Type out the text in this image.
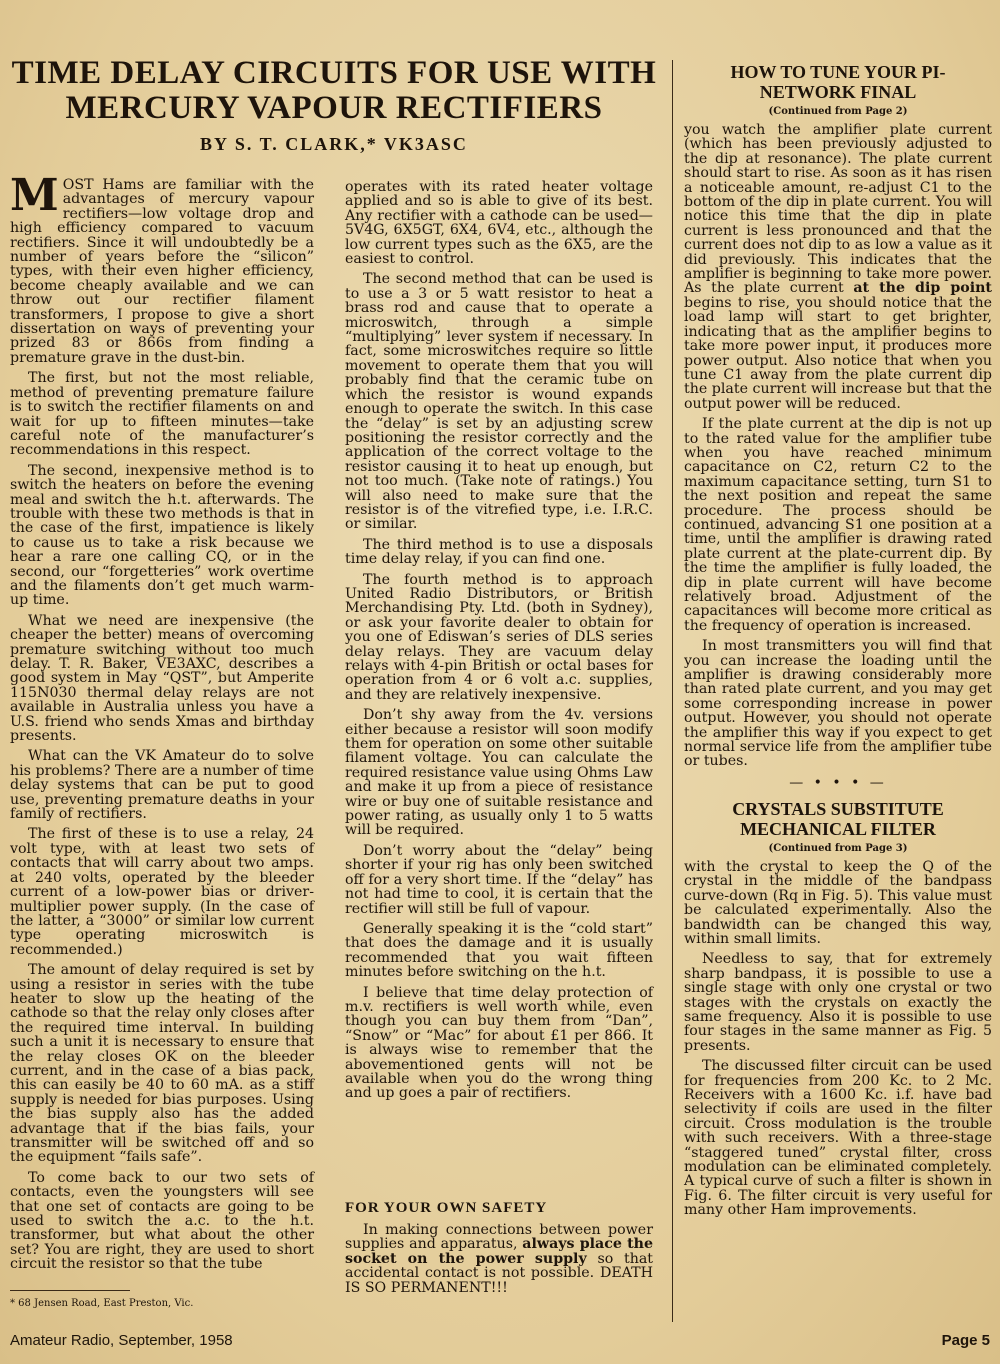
TIME DELAY CIRCUITS FOR USE WITH MERCURY VAPOUR RECTIFIERS
BY S. T. CLARK,* VK3ASC

MOST Hams are familiar with the advantages of mercury vapour rectifiers—low voltage drop and high efficiency compared to vacuum rectifiers. Since it will undoubtedly be a number of years before the “silicon” types, with their even higher efficiency, become cheaply available and we can throw out our rectifier filament transformers, I propose to give a short dissertation on ways of preventing your prized 83 or 866s from finding a premature grave in the dust-bin.

The first, but not the most reliable, method of preventing premature failure is to switch the rectifier filaments on and wait for up to fifteen minutes—take careful note of the manufacturer’s recommendations in this respect.

The second, inexpensive method is to switch the heaters on before the evening meal and switch the h.t. afterwards. The trouble with these two methods is that in the case of the first, impatience is likely to cause us to take a risk because we hear a rare one calling CQ, or in the second, our “forgetteries” work overtime and the filaments don’t get much warm-up time.

What we need are inexpensive (the cheaper the better) means of overcoming premature switching without too much delay. T. R. Baker, VE3AXC, describes a good system in May “QST”, but Amperite 115N030 thermal delay relays are not available in Australia unless you have a U.S. friend who sends Xmas and birthday presents.

What can the VK Amateur do to solve his problems? There are a number of time delay systems that can be put to good use, preventing premature deaths in your family of rectifiers.

The first of these is to use a relay, 24 volt type, with at least two sets of contacts that will carry about two amps. at 240 volts, operated by the bleeder current of a low-power bias or driver-multiplier power supply. (In the case of the latter, a “3000” or similar low current type operating microswitch is recommended.)

The amount of delay required is set by using a resistor in series with the tube heater to slow up the heating of the cathode so that the relay only closes after the required time interval. In building such a unit it is necessary to ensure that the relay closes OK on the bleeder current, and in the case of a bias pack, this can easily be 40 to 60 mA. as a stiff supply is needed for bias purposes. Using the bias supply also has the added advantage that if the bias fails, your transmitter will be switched off and so the equipment “fails safe”.

To come back to our two sets of contacts, even the youngsters will see that one set of contacts are going to be used to switch the a.c. to the h.t. transformer, but what about the other set? You are right, they are used to short circuit the resistor so that the tube

* 68 Jensen Road, East Preston, Vic.

operates with its rated heater voltage applied and so is able to give of its best. Any rectifier with a cathode can be used—5V4G, 6X5GT, 6X4, 6V4, etc., although the low current types such as the 6X5, are the easiest to control.

The second method that can be used is to use a 3 or 5 watt resistor to heat a brass rod and cause that to operate a microswitch, through a simple “multiplying” lever system if necessary. In fact, some microswitches require so little movement to operate them that you will probably find that the ceramic tube on which the resistor is wound expands enough to operate the switch. In this case the “delay” is set by an adjusting screw positioning the resistor correctly and the application of the correct voltage to the resistor causing it to heat up enough, but not too much. (Take note of ratings.) You will also need to make sure that the resistor is of the vitrefied type, i.e. I.R.C. or similar.

The third method is to use a disposals time delay relay, if you can find one.

The fourth method is to approach United Radio Distributors, or British Merchandising Pty. Ltd. (both in Sydney), or ask your favorite dealer to obtain for you one of Ediswan’s series of DLS series delay relays. They are vacuum delay relays with 4-pin British or octal bases for operation from 4 or 6 volt a.c. supplies, and they are relatively inexpensive.

Don’t shy away from the 4v. versions either because a resistor will soon modify them for operation on some other suitable filament voltage. You can calculate the required resistance value using Ohms Law and make it up from a piece of resistance wire or buy one of suitable resistance and power rating, as usually only 1 to 5 watts will be required.

Don’t worry about the “delay” being shorter if your rig has only been switched off for a very short time. If the “delay” has not had time to cool, it is certain that the rectifier will still be full of vapour.

Generally speaking it is the “cold start” that does the damage and it is usually recommended that you wait fifteen minutes before switching on the h.t.

I believe that time delay protection of m.v. rectifiers is well worth while, even though you can buy them from “Dan”, “Snow” or “Mac” for about £1 per 866. It is always wise to remember that the abovementioned gents will not be available when you do the wrong thing and up goes a pair of rectifiers.

FOR YOUR OWN SAFETY

In making connections between power supplies and apparatus, always place the socket on the power supply so that accidental contact is not possible. DEATH IS SO PERMANENT!!!

HOW TO TUNE YOUR PI-NETWORK FINAL
(Continued from Page 2)

you watch the amplifier plate current (which has been previously adjusted to the dip at resonance). The plate current should start to rise. As soon as it has risen a noticeable amount, re-adjust C1 to the bottom of the dip in plate current. You will notice this time that the dip in plate current is less pronounced and that the current does not dip to as low a value as it did previously. This indicates that the amplifier is beginning to take more power. As the plate current at the dip point begins to rise, you should notice that the load lamp will start to get brighter, indicating that as the amplifier begins to take more power input, it produces more power output. Also notice that when you tune C1 away from the plate current dip the plate current will increase but that the output power will be reduced.

If the plate current at the dip is not up to the rated value for the amplifier tube when you have reached minimum capacitance on C2, return C2 to the maximum capacitance setting, turn S1 to the next position and repeat the same procedure. The process should be continued, advancing S1 one position at a time, until the amplifier is drawing rated plate current at the plate-current dip. By the time the amplifier is fully loaded, the dip in plate current will have become relatively broad. Adjustment of the capacitances will become more critical as the frequency of operation is increased.

In most transmitters you will find that you can increase the loading until the amplifier is drawing considerably more than rated plate current, and you may get some corresponding increase in power output. However, you should not operate the amplifier this way if you expect to get normal service life from the amplifier tube or tubes.

— • • • —
CRYSTALS SUBSTITUTE MECHANICAL FILTER
(Continued from Page 3)

with the crystal to keep the Q of the crystal in the middle of the bandpass curve-down (Rq in Fig. 5). This value must be calculated experimentally. Also the bandwidth can be changed this way, within small limits.

Needless to say, that for extremely sharp bandpass, it is possible to use a single stage with only one crystal or two stages with the crystals on exactly the same frequency. Also it is possible to use four stages in the same manner as Fig. 5 presents.

The discussed filter circuit can be used for frequencies from 200 Kc. to 2 Mc. Receivers with a 1600 Kc. i.f. have bad selectivity if coils are used in the filter circuit. Cross modulation is the trouble with such receivers. With a three-stage “staggered tuned” crystal filter, cross modulation can be eliminated completely. A typical curve of such a filter is shown in Fig. 6. The filter circuit is very useful for many other Ham improvements.

Amateur Radio, September, 1958	Page 5
